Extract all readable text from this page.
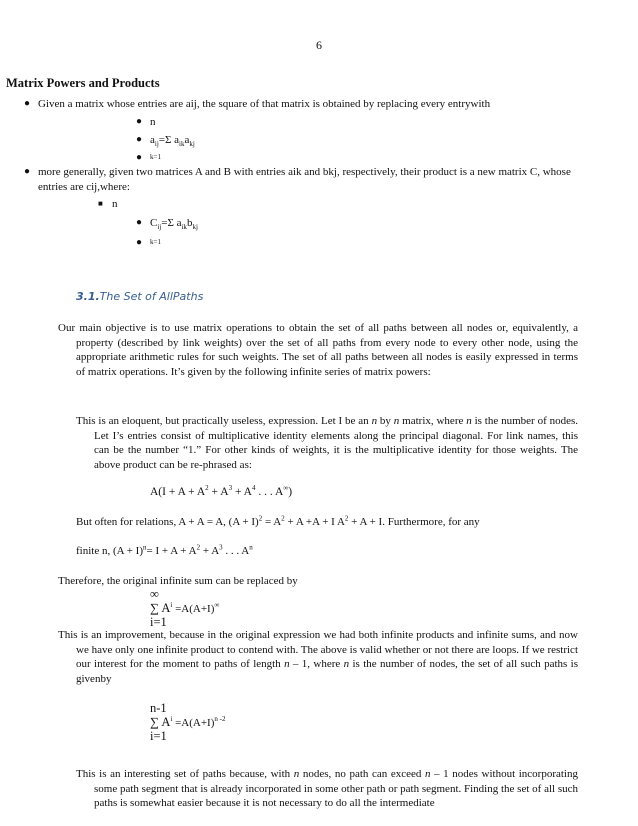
6
Matrix Powers and Products
● Given a matrix whose entries are aij, the square of that matrix is obtained by replacing every entrywith
● n
● $a_{ij}=\Sigma$ $a_{ik}a_{kj}$
●	k=1
● more generally, given two matrices A and B with entries aik and bkj, respectively, their product is a new matrix C, whose
entries are cij,where:
■ n
● $C_{ij}=\Sigma$ $a_{ik}b_{kj}$
●	k=1
3.1.The Set of AllPaths
Our main objective is to use matrix operations to obtain the set of all paths between all nodes or, equivalently, a property (described by link weights) over the set of all paths from every node to every other node, using the appropriate arithmetic rules for such weights. The set of all paths between all nodes is easily expressed in terms of matrix operations. It’s given by the following infinite series of matrix powers:
This is an eloquent, but practically useless, expression. Let I be an n by n matrix, where n is the number of nodes. Let I’s entries consist of multiplicative identity elements along the principal diagonal. For link names, this can be the number “1.” For other kinds of weights, it is the multiplicative identity for those weights. The above product can be re-phrased as:
$A(I + A + A^2 + A^3 + A^4$ . . . A∞)
But often for relations, A + A = A, $(A + I)^2 = A^2 + A +A + I$ $A^2 + A + I$. Furthermore, for any
finite n, $(A + I)^n= I + A + A^2 + A^3$ . . . $A^n$
Therefore, the original infinite sum can be replaced by
∞
∑ $A^i =A(A+I)^\infty$
i=1
This is an improvement, because in the original expression we had both infinite products and infinite sums, and now we have only one infinite product to contend with. The above is valid whether or not there are loops. If we restrict our interest for the moment to paths of length n – 1, where n is the number of nodes, the set of all such paths is givenby
n-1
∑ $A^i =A(A+I)^{n -2}$
i=1
This is an interesting set of paths because, with n nodes, no path can exceed n – 1 nodes without incorporating some path segment that is already incorporated in some other path or path segment. Finding the set of all such paths is somewhat easier because it is not necessary to do all the intermediate
